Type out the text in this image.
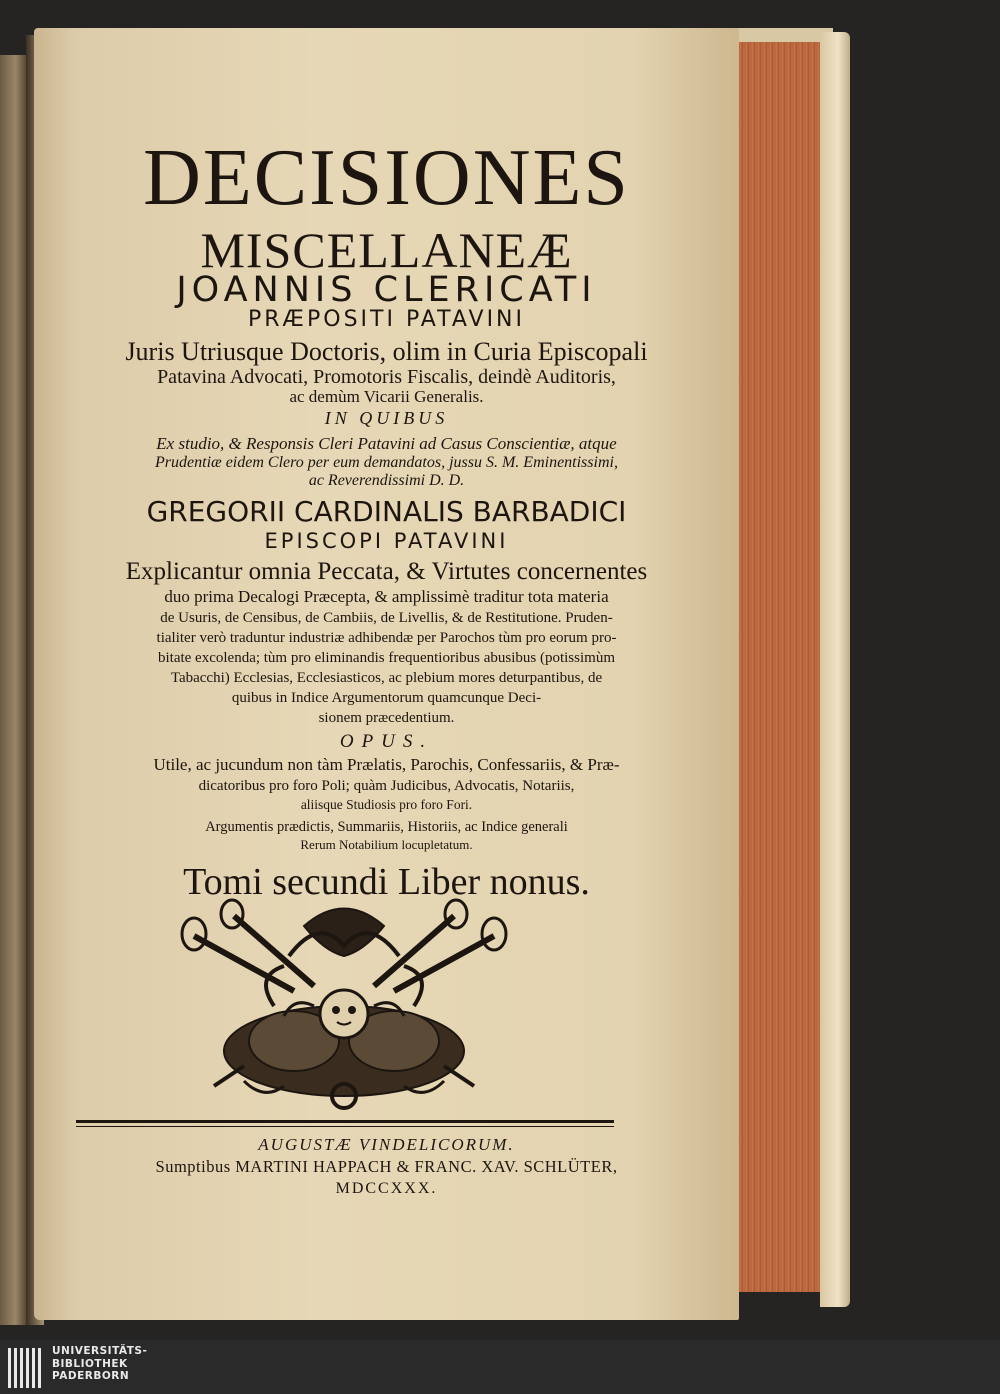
DECISIONES
MISCELLANEÆ
JOANNIS CLERICATI
PRÆPOSITI PATAVINI
Juris Utriusque Doctoris, olim in Curia Episcopali
Patavina Advocati, Promotoris Fiscalis, deindè Auditoris,
ac demùm Vicarii Generalis.
IN QUIBUS
Ex studio, & Responsis Cleri Patavini ad Casus Conscientiæ, atque
Prudentiæ eidem Clero per eum demandatos, jussu S. M. Eminentissimi,
ac Reverendissimi D. D.
GREGORII CARDINALIS BARBADICI
EPISCOPI PATAVINI
Explicantur omnia Peccata, & Virtutes concernentes
duo prima Decalogi Præcepta, & amplissimè traditur tota materia
de Usuris, de Censibus, de Cambiis, de Livellis, & de Restitutione. Pruden-
tialiter verò traduntur industriæ adhibendæ per Parochos tùm pro eorum pro-
bitate excolenda; tùm pro eliminandis frequentioribus abusibus (potissimùm
Tabacchi) Ecclesias, Ecclesiasticos, ac plebium mores deturpantibus, de
quibus in Indice Argumentorum quamcunque Deci-
sionem præcedentium.
OPUS.
Utile, ac jucundum non tàm Prælatis, Parochis, Confessariis, & Præ-
dicatoribus pro foro Poli; quàm Judicibus, Advocatis, Notariis,
aliisque Studiosis pro foro Fori.
Argumentis prædictis, Summariis, Historiis, ac Indice generali
Rerum Notabilium locupletatum.
Tomi secundi Liber nonus.
AUGUSTÆ VINDELICORUM.
Sumptibus MARTINI HAPPACH & FRANC. XAV. SCHLÜTER,
MDCCXXX.
UNIVERSITÄTS-
BIBLIOTHEK
PADERBORN
